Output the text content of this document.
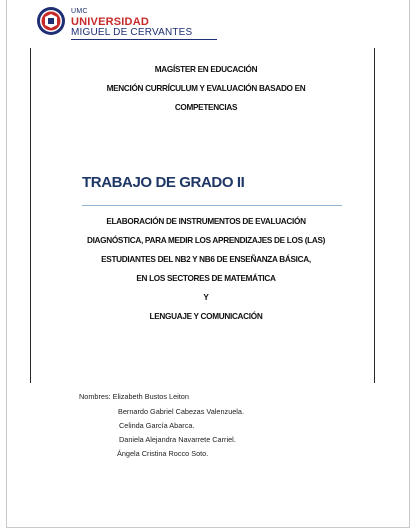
UMC
UNIVERSIDAD
MIGUEL DE CERVANTES
MAGÍSTER EN EDUCACIÓN
MENCIÓN CURRÍCULUM Y EVALUACIÓN BASADO EN
COMPETENCIAS
TRABAJO DE GRADO II
ELABORACIÓN DE INSTRUMENTOS DE EVALUACIÓN
DIAGNÓSTICA, PARA MEDIR LOS APRENDIZAJES DE LOS (LAS)
ESTUDIANTES DEL NB2 Y NB6 DE ENSEÑANZA BÁSICA,
EN LOS SECTORES DE MATEMÁTICA
Y
LENGUAJE Y COMUNICACIÓN
Nombres: Elizabeth Bustos Leiton
Bernardo Gabriel Cabezas Valenzuela.
Celinda García Abarca.
Daniela Alejandra Navarrete Carriel.
Ángela Cristina Rocco Soto.
